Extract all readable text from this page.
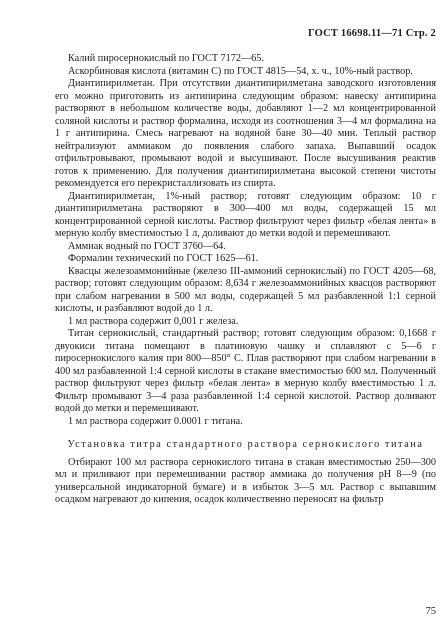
ГОСТ 16698.11—71 Стр. 2

Калий пиросернокислый по ГОСТ 7172—65.

Аскорбиновая кислота (витамин С) по ГОСТ 4815—54, х. ч., 10%-ный раствор.

Диантипирилметан. При отсутствии диантипирилметана заводского изготовления его можно приготовить из антипирина следующим образом: навеску антипирина растворяют в небольшом количестве воды, добавляют 1—2 мл концентрированной соляной кислоты и раствор формалина, исходя из соотношения 3—4 мл формалина на 1 г антипирина. Смесь нагревают на водяной бане 30—40 мин. Теплый раствор нейтрализуют аммиаком до появления слабого запаха. Выпавший осадок отфильтровывают, промывают водой и высушивают. После высушивания реактив готов к применению. Для получения диантипирилметана высокой степени чистоты рекомендуется его перекристаллизовать из спирта.

Диантипирилметан, 1%-ный раствор; готовят следующим образом: 10 г диантипирилметана растворяют в 300—400 мл воды, содержащей 15 мл концентрированной серной кислоты. Раствор фильтруют через фильтр «белая лента» в мерную колбу вместимостью 1 л, доливают до метки водой и перемешивают.

Аммиак водный по ГОСТ 3760—64.

Формалин технический по ГОСТ 1625—61.

Квасцы железоаммонийные (железо III-аммоний сернокислый) по ГОСТ 4205—68, раствор; готовят следующим образом: 8,634 г железоаммонийных квасцов растворяют при слабом нагревании в 500 мл воды, содержащей 5 мл разбавленной 1:1 серной кислоты, и разбавляют водой до 1 л.

1 мл раствора содержит 0,001 г железа.

Титан сернокислый, стандартный раствор; готовят следующим образом: 0,1668 г двуокиси титана помещают в платиновую чашку и сплавляют с 5—6 г пиросернокислого калия при 800—850° С. Плав растворяют при слабом нагревании в 400 мл разбавленной 1:4 серной кислоты в стакане вместимостью 600 мл. Полученный раствор фильтруют через фильтр «белая лента» в мерную колбу вместимостью 1 л. Фильтр промывают 3—4 раза разбавленной 1:4 серной кислотой. Раствор доливают водой до метки и перемешивают.

1 мл раствора содержит 0.0001 г титана.

Установка титра стандартного раствора сернокислого титана

Отбирают 100 мл раствора сернокислого титана в стакан вместимостью 250—300 мл и приливают при перемешивании раствор аммиака до получения рН 8—9 (по универсальной индикаторной бумаге) и в избыток 3—5 мл. Раствор с выпавшим осадком нагревают до кипения, осадок количественно переносят на фильтр

75
